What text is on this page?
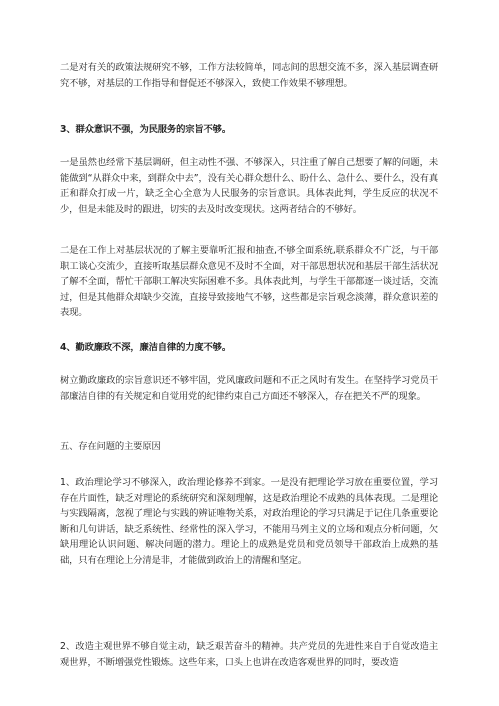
二是对有关的政策法规研究不够，工作方法较简单，同志间的思想交流不多，深入基层调查研究不够，对基层的工作指导和督促还不够深入，致使工作效果不够理想。

3、群众意识不强，为民服务的宗旨不够。

一是虽然也经常下基层调研，但主动性不强、不够深入，只注重了解自己想要了解的问题，未能做到“从群众中来，到群众中去”，没有关心群众想什么、盼什么、急什么、要什么，没有真正和群众打成一片，缺乏全心全意为人民服务的宗旨意识。具体表此判，学生反应的状况不少，但是未能及时的跟进，切实的去及时改变现状。这两者结合的不够好。

二是在工作上对基层状况的了解主要靠听汇报和抽查,不够全面系统,联系群众不广泛，与干部职工谈心交流少，直接听取基层群众意见不及时不全面，对干部思想状况和基层干部生活状况了解不全面，帮忙干部职工解决实际困难不多。具体表此判，与学生干部都逐一谈过话，交流过，但是其他群众却缺少交流，直接导致接地气不够，这些都是宗旨观念淡薄，群众意识差的表现。

4、勤政廉政不深，廉洁自律的力度不够。

树立勤政廉政的宗旨意识还不够牢固，党风廉政问题和不正之风时有发生。在坚持学习党员干部廉洁自律的有关规定和自觉用党的纪律约束自己方面还不够深入，存在把关不严的现象。

五、存在问题的主要原因

1、政治理论学习不够深入，政治理论修养不到家。一是没有把理论学习放在重要位置，学习存在片面性，缺乏对理论的系统研究和深刻理解，这是政治理论不成熟的具体表现。二是理论与实践隔离，忽视了理论与实践的辨证唯物关系，对政治理论的学习只满足于记住几条重要论断和几句讲话，缺乏系统性、经常性的深入学习，不能用马列主义的立场和观点分析问题，欠缺用理论认识问题、解决问题的潜力。理论上的成熟是党员和党员领导干部政治上成熟的基础，只有在理论上分清是非，才能做到政治上的清醒和坚定。

2、改造主观世界不够自觉主动，缺乏艰苦奋斗的精神。共产党员的先进性来自于自觉改造主观世界，不断增强党性锻炼。这些年来，口头上也讲在改造客观世界的同时，要改造
